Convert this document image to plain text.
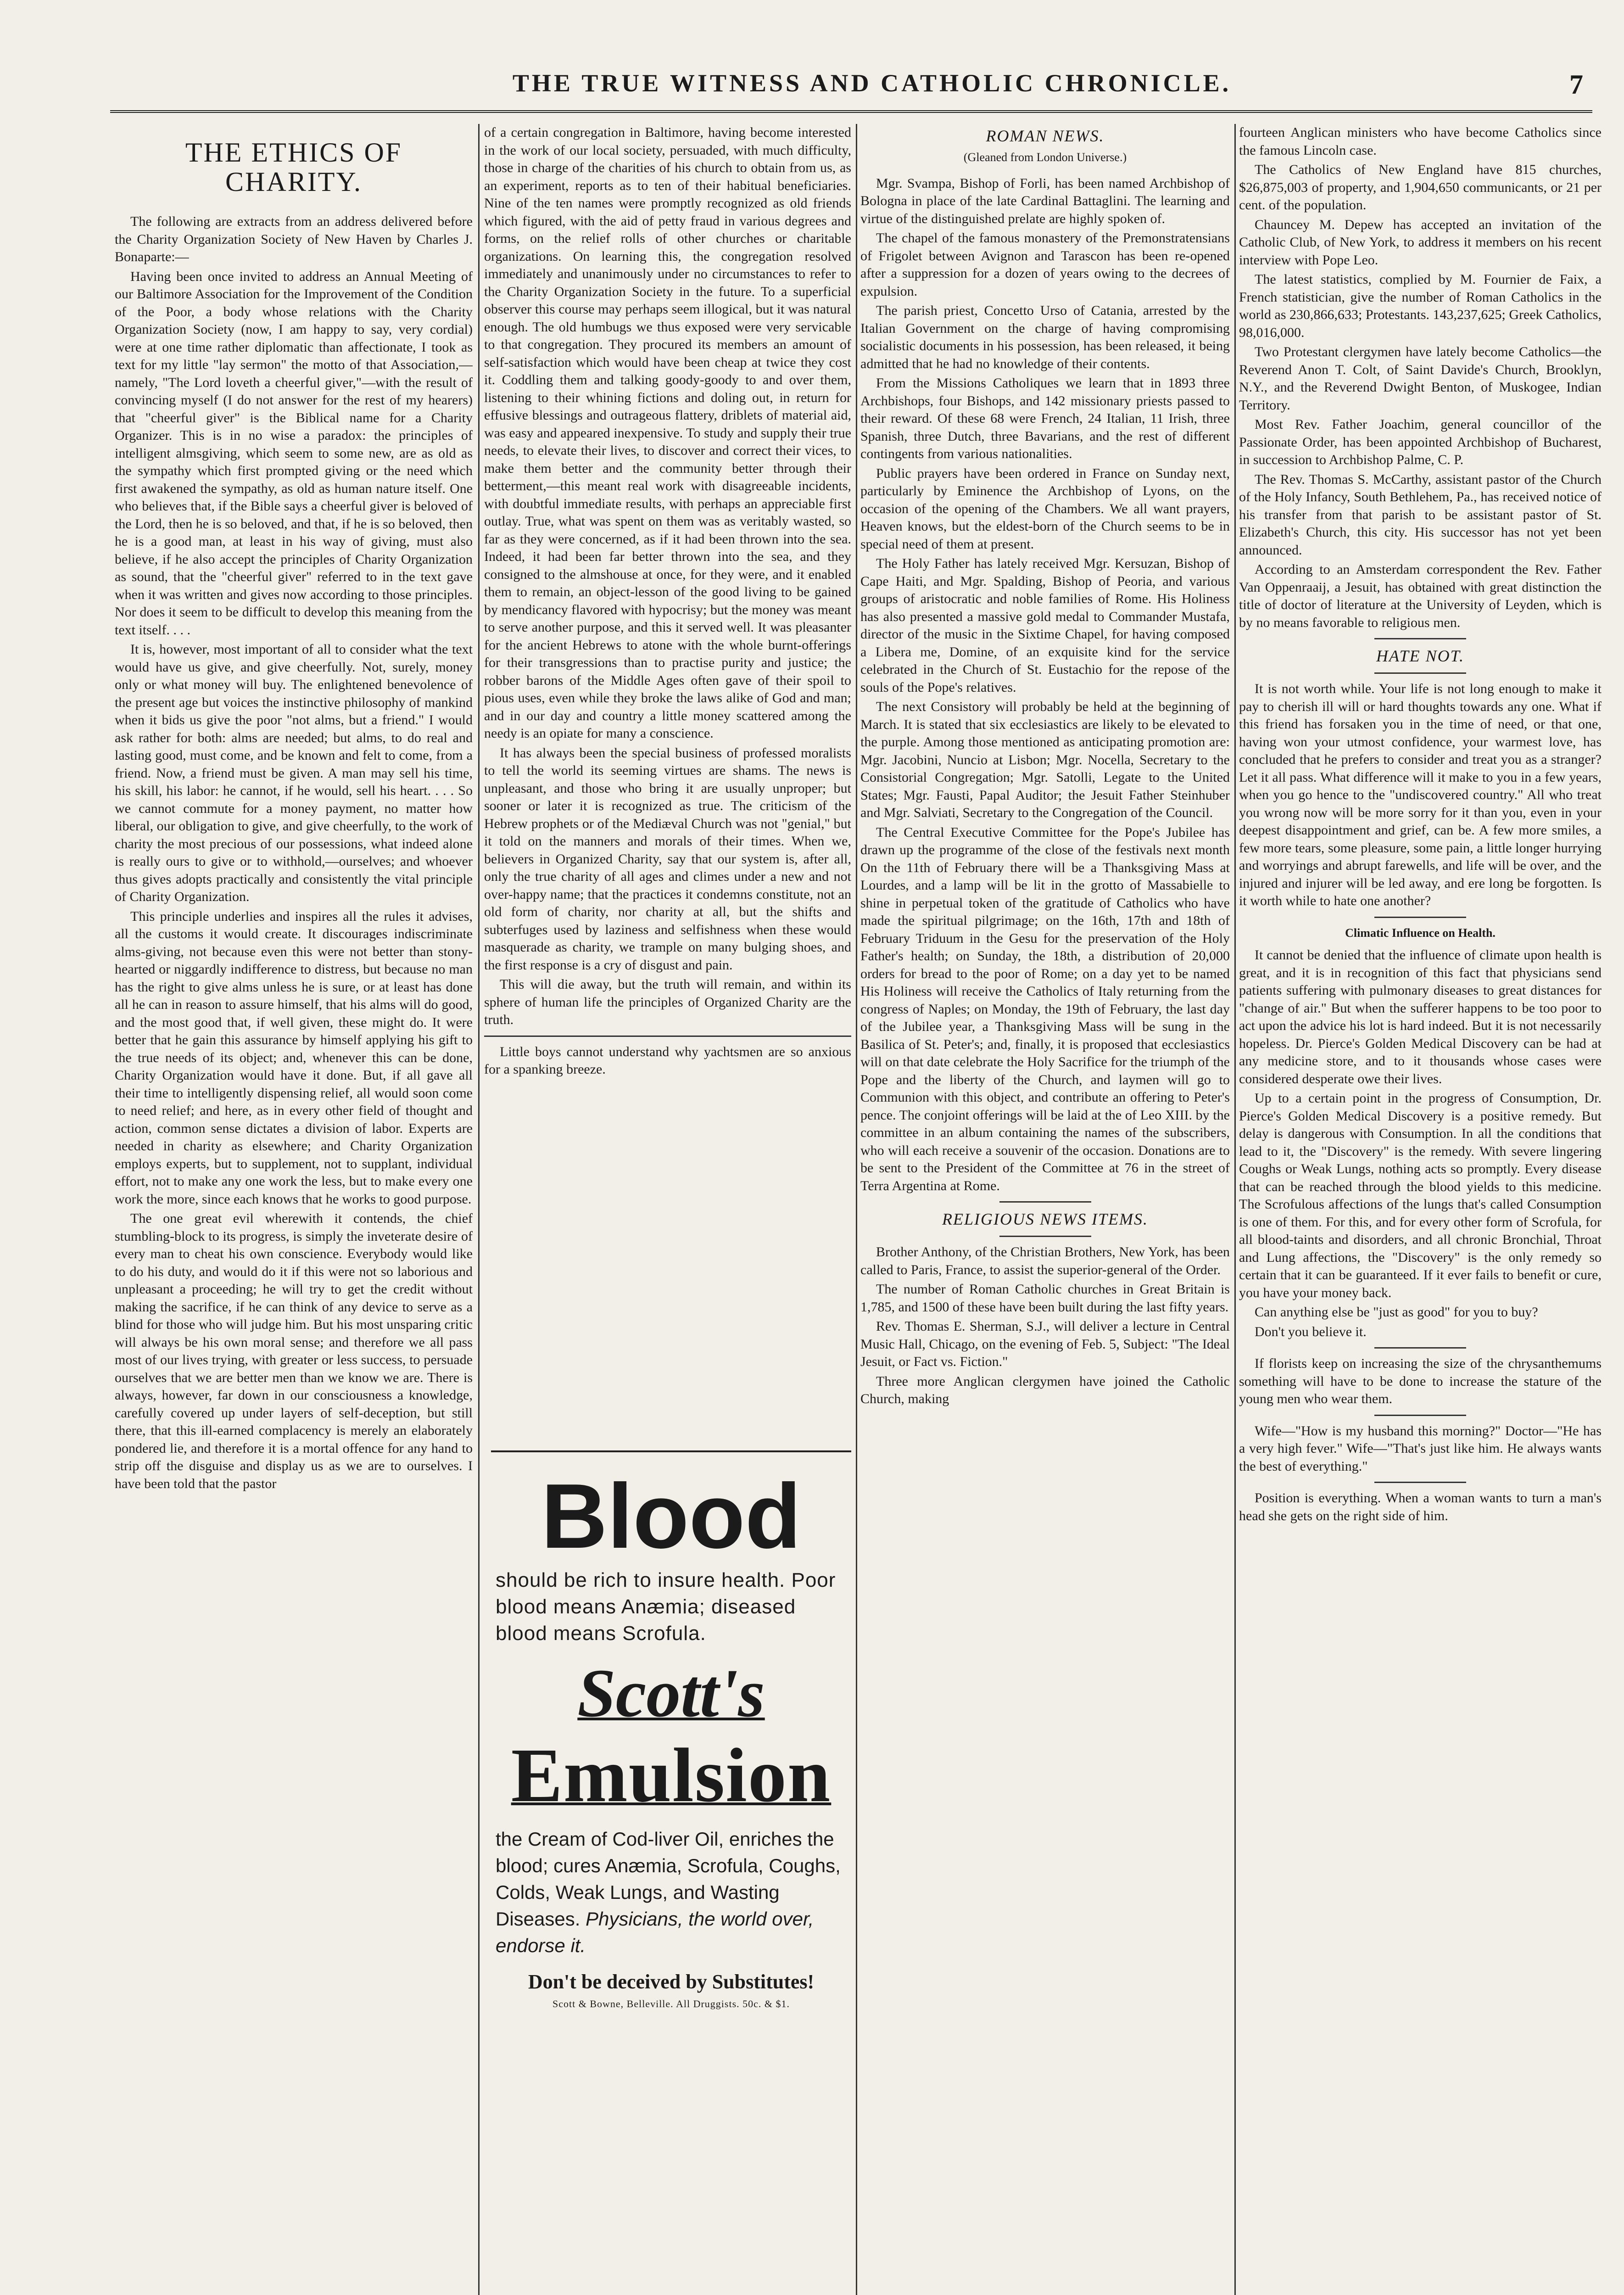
THE TRUE WITNESS AND CATHOLIC CHRONICLE.	7
THE ETHICS OF CHARITY.

The following are extracts from an address delivered before the Charity Organization Society of New Haven by Charles J. Bonaparte:—

Having been once invited to address an Annual Meeting of our Baltimore Association for the Improvement of the Condition of the Poor, a body whose relations with the Charity Organization Society (now, I am happy to say, very cordial) were at one time rather diplomatic than affectionate, I took as text for my little "lay sermon" the motto of that Association,—namely, "The Lord loveth a cheerful giver,"—with the result of convincing myself (I do not answer for the rest of my hearers) that "cheerful giver" is the Biblical name for a Charity Organizer. This is in no wise a paradox: the principles of intelligent almsgiving, which seem to some new, are as old as the sympathy which first prompted giving or the need which first awakened the sympathy, as old as human nature itself. One who believes that, if the Bible says a cheerful giver is beloved of the Lord, then he is so beloved, and that, if he is so beloved, then he is a good man, at least in his way of giving, must also believe, if he also accept the principles of Charity Organization as sound, that the "cheerful giver" referred to in the text gave when it was written and gives now according to those principles. Nor does it seem to be difficult to develop this meaning from the text itself. . . .

It is, however, most important of all to consider what the text would have us give, and give cheerfully. Not, surely, money only or what money will buy. The enlightened benevolence of the present age but voices the instinctive philosophy of mankind when it bids us give the poor "not alms, but a friend." I would ask rather for both: alms are needed; but alms, to do real and lasting good, must come, and be known and felt to come, from a friend. Now, a friend must be given. A man may sell his time, his skill, his labor: he cannot, if he would, sell his heart. . . . So we cannot commute for a money payment, no matter how liberal, our obligation to give, and give cheerfully, to the work of charity the most precious of our possessions, what indeed alone is really ours to give or to withhold,—ourselves; and whoever thus gives adopts practically and consistently the vital principle of Charity Organization.

This principle underlies and inspires all the rules it advises, all the customs it would create. It discourages indiscriminate alms-giving, not because even this were not better than stony-hearted or niggardly indifference to distress, but because no man has the right to give alms unless he is sure, or at least has done all he can in reason to assure himself, that his alms will do good, and the most good that, if well given, these might do. It were better that he gain this assurance by himself applying his gift to the true needs of its object; and, whenever this can be done, Charity Organization would have it done. But, if all gave all their time to intelligently dispensing relief, all would soon come to need relief; and here, as in every other field of thought and action, common sense dictates a division of labor. Experts are needed in charity as elsewhere; and Charity Organization employs experts, but to supplement, not to supplant, individual effort, not to make any one work the less, but to make every one work the more, since each knows that he works to good purpose.

The one great evil wherewith it contends, the chief stumbling-block to its progress, is simply the inveterate desire of every man to cheat his own conscience. Everybody would like to do his duty, and would do it if this were not so laborious and unpleasant a proceeding; he will try to get the credit without making the sacrifice, if he can think of any device to serve as a blind for those who will judge him. But his most unsparing critic will always be his own moral sense; and therefore we all pass most of our lives trying, with greater or less success, to persuade ourselves that we are better men than we know we are. There is always, however, far down in our consciousness a knowledge, carefully covered up under layers of self-deception, but still there, that this ill-earned complacency is merely an elaborately pondered lie, and therefore it is a mortal offence for any hand to strip off the disguise and display us as we are to ourselves. I have been told that the pastor

of a certain congregation in Baltimore, having become interested in the work of our local society, persuaded, with much difficulty, those in charge of the charities of his church to obtain from us, as an experiment, reports as to ten of their habitual beneficiaries. Nine of the ten names were promptly recognized as old friends which figured, with the aid of petty fraud in various degrees and forms, on the relief rolls of other churches or charitable organizations. On learning this, the congregation resolved immediately and unanimously under no circumstances to refer to the Charity Organization Society in the future. To a superficial observer this course may perhaps seem illogical, but it was natural enough. The old humbugs we thus exposed were very servicable to that congregation. They procured its members an amount of self-satisfaction which would have been cheap at twice they cost it. Coddling them and talking goody-goody to and over them, listening to their whining fictions and doling out, in return for effusive blessings and outrageous flattery, driblets of material aid, was easy and appeared inexpensive. To study and supply their true needs, to elevate their lives, to discover and correct their vices, to make them better and the community better through their betterment,—this meant real work with disagreeable incidents, with doubtful immediate results, with perhaps an appreciable first outlay. True, what was spent on them was as veritably wasted, so far as they were concerned, as if it had been thrown into the sea. Indeed, it had been far better thrown into the sea, and they consigned to the almshouse at once, for they were, and it enabled them to remain, an object-lesson of the good living to be gained by mendicancy flavored with hypocrisy; but the money was meant to serve another purpose, and this it served well. It was pleasanter for the ancient Hebrews to atone with the whole burnt-offerings for their transgressions than to practise purity and justice; the robber barons of the Middle Ages often gave of their spoil to pious uses, even while they broke the laws alike of God and man; and in our day and country a little money scattered among the needy is an opiate for many a conscience.

It has always been the special business of professed moralists to tell the world its seeming virtues are shams. The news is unpleasant, and those who bring it are usually unproper; but sooner or later it is recognized as true. The criticism of the Hebrew prophets or of the Mediæval Church was not "genial," but it told on the manners and morals of their times. When we, believers in Organized Charity, say that our system is, after all, only the true charity of all ages and climes under a new and not over-happy name; that the practices it condemns constitute, not an old form of charity, nor charity at all, but the shifts and subterfuges used by laziness and selfishness when these would masquerade as charity, we trample on many bulging shoes, and the first response is a cry of disgust and pain.

This will die away, but the truth will remain, and within its sphere of human life the principles of Organized Charity are the truth.

Little boys cannot understand why yachtsmen are so anxious for a spanking breeze.

Blood
should be rich to insure health. Poor blood means Anæmia; diseased blood means Scrofula.
Scott's
Emulsion
the Cream of Cod-liver Oil, enriches the blood; cures Anæmia, Scrofula, Coughs, Colds, Weak Lungs, and Wasting Diseases. Physicians, the world over, endorse it.
Don't be deceived by Substitutes!
Scott & Bowne, Belleville. All Druggists. 50c. & $1.
ROMAN NEWS.
(Gleaned from London Universe.)

Mgr. Svampa, Bishop of Forli, has been named Archbishop of Bologna in place of the late Cardinal Battaglini. The learning and virtue of the distinguished prelate are highly spoken of.

The chapel of the famous monastery of the Premonstratensians of Frigolet between Avignon and Tarascon has been re-opened after a suppression for a dozen of years owing to the decrees of expulsion.

The parish priest, Concetto Urso of Catania, arrested by the Italian Government on the charge of having compromising socialistic documents in his possession, has been released, it being admitted that he had no knowledge of their contents.

From the Missions Catholiques we learn that in 1893 three Archbishops, four Bishops, and 142 missionary priests passed to their reward. Of these 68 were French, 24 Italian, 11 Irish, three Spanish, three Dutch, three Bavarians, and the rest of different contingents from various nationalities.

Public prayers have been ordered in France on Sunday next, particularly by Eminence the Archbishop of Lyons, on the occasion of the opening of the Chambers. We all want prayers, Heaven knows, but the eldest-born of the Church seems to be in special need of them at present.

The Holy Father has lately received Mgr. Kersuzan, Bishop of Cape Haiti, and Mgr. Spalding, Bishop of Peoria, and various groups of aristocratic and noble families of Rome. His Holiness has also presented a massive gold medal to Commander Mustafa, director of the music in the Sixtime Chapel, for having composed a Libera me, Domine, of an exquisite kind for the service celebrated in the Church of St. Eustachio for the repose of the souls of the Pope's relatives.

The next Consistory will probably be held at the beginning of March. It is stated that six ecclesiastics are likely to be elevated to the purple. Among those mentioned as anticipating promotion are: Mgr. Jacobini, Nuncio at Lisbon; Mgr. Nocella, Secretary to the Consistorial Congregation; Mgr. Satolli, Legate to the United States; Mgr. Fausti, Papal Auditor; the Jesuit Father Steinhuber and Mgr. Salviati, Secretary to the Congregation of the Council.

The Central Executive Committee for the Pope's Jubilee has drawn up the programme of the close of the festivals next month On the 11th of February there will be a Thanksgiving Mass at Lourdes, and a lamp will be lit in the grotto of Massabielle to shine in perpetual token of the gratitude of Catholics who have made the spiritual pilgrimage; on the 16th, 17th and 18th of February Triduum in the Gesu for the preservation of the Holy Father's health; on Sunday, the 18th, a distribution of 20,000 orders for bread to the poor of Rome; on a day yet to be named His Holiness will receive the Catholics of Italy returning from the congress of Naples; on Monday, the 19th of February, the last day of the Jubilee year, a Thanksgiving Mass will be sung in the Basilica of St. Peter's; and, finally, it is proposed that ecclesiastics will on that date celebrate the Holy Sacrifice for the triumph of the Pope and the liberty of the Church, and laymen will go to Communion with this object, and contribute an offering to Peter's pence. The conjoint offerings will be laid at the of Leo XIII. by the committee in an album containing the names of the subscribers, who will each receive a souvenir of the occasion. Donations are to be sent to the President of the Committee at 76 in the street of Terra Argentina at Rome.

RELIGIOUS NEWS ITEMS.

Brother Anthony, of the Christian Brothers, New York, has been called to Paris, France, to assist the superior-general of the Order.

The number of Roman Catholic churches in Great Britain is 1,785, and 1500 of these have been built during the last fifty years.

Rev. Thomas E. Sherman, S.J., will deliver a lecture in Central Music Hall, Chicago, on the evening of Feb. 5, Subject: "The Ideal Jesuit, or Fact vs. Fiction."

Three more Anglican clergymen have joined the Catholic Church, making

fourteen Anglican ministers who have become Catholics since the famous Lincoln case.

The Catholics of New England have 815 churches, $26,875,003 of property, and 1,904,650 communicants, or 21 per cent. of the population.

Chauncey M. Depew has accepted an invitation of the Catholic Club, of New York, to address it members on his recent interview with Pope Leo.

The latest statistics, complied by M. Fournier de Faix, a French statistician, give the number of Roman Catholics in the world as 230,866,633; Protestants. 143,237,625; Greek Catholics, 98,016,000.

Two Protestant clergymen have lately become Catholics—the Reverend Anon T. Colt, of Saint Davide's Church, Brooklyn, N.Y., and the Reverend Dwight Benton, of Muskogee, Indian Territory.

Most Rev. Father Joachim, general councillor of the Passionate Order, has been appointed Archbishop of Bucharest, in succession to Archbishop Palme, C. P.

The Rev. Thomas S. McCarthy, assistant pastor of the Church of the Holy Infancy, South Bethlehem, Pa., has received notice of his transfer from that parish to be assistant pastor of St. Elizabeth's Church, this city. His successor has not yet been announced.

According to an Amsterdam correspondent the Rev. Father Van Oppenraaij, a Jesuit, has obtained with great distinction the title of doctor of literature at the University of Leyden, which is by no means favorable to religious men.

HATE NOT.

It is not worth while. Your life is not long enough to make it pay to cherish ill will or hard thoughts towards any one. What if this friend has forsaken you in the time of need, or that one, having won your utmost confidence, your warmest love, has concluded that he prefers to consider and treat you as a stranger? Let it all pass. What difference will it make to you in a few years, when you go hence to the "undiscovered country." All who treat you wrong now will be more sorry for it than you, even in your deepest disappointment and grief, can be. A few more smiles, a few more tears, some pleasure, some pain, a little longer hurrying and worryings and abrupt farewells, and life will be over, and the injured and injurer will be led away, and ere long be forgotten. Is it worth while to hate one another?

Climatic Influence on Health.

It cannot be denied that the influence of climate upon health is great, and it is in recognition of this fact that physicians send patients suffering with pulmonary diseases to great distances for "change of air." But when the sufferer happens to be too poor to act upon the advice his lot is hard indeed. But it is not necessarily hopeless. Dr. Pierce's Golden Medical Discovery can be had at any medicine store, and to it thousands whose cases were considered desperate owe their lives.

Up to a certain point in the progress of Consumption, Dr. Pierce's Golden Medical Discovery is a positive remedy. But delay is dangerous with Consumption. In all the conditions that lead to it, the "Discovery" is the remedy. With severe lingering Coughs or Weak Lungs, nothing acts so promptly. Every disease that can be reached through the blood yields to this medicine. The Scrofulous affections of the lungs that's called Consumption is one of them. For this, and for every other form of Scrofula, for all blood-taints and disorders, and all chronic Bronchial, Throat and Lung affections, the "Discovery" is the only remedy so certain that it can be guaranteed. If it ever fails to benefit or cure, you have your money back.

Can anything else be "just as good" for you to buy?

Don't you believe it.

If florists keep on increasing the size of the chrysanthemums something will have to be done to increase the stature of the young men who wear them.

Wife—"How is my husband this morning?" Doctor—"He has a very high fever." Wife—"That's just like him. He always wants the best of everything."

Position is everything. When a woman wants to turn a man's head she gets on the right side of him.
